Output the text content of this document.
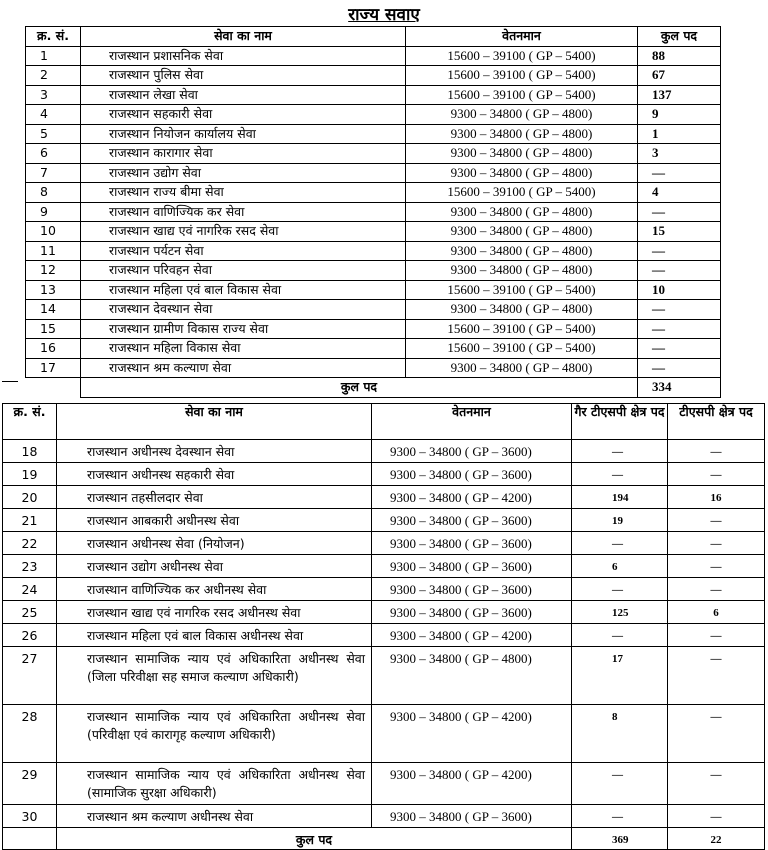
राज्य सवाए
क्र. सं.	सेवा का नाम	वेतनमान	कुल पद
1	राजस्थान प्रशासनिक सेवा	15600 – 39100 ( GP – 5400)	88
2	राजस्थान पुलिस सेवा	15600 – 39100 ( GP – 5400)	67
3	राजस्थान लेखा सेवा	15600 – 39100 ( GP – 5400)	137
4	राजस्थान सहकारी सेवा	9300 – 34800 ( GP – 4800)	9
5	राजस्थान नियोजन कार्यालय सेवा	9300 – 34800 ( GP – 4800)	1
6	राजस्थान कारागार सेवा	9300 – 34800 ( GP – 4800)	3
7	राजस्थान उद्योग सेवा	9300 – 34800 ( GP – 4800)	—
8	राजस्थान राज्य बीमा सेवा	15600 – 39100 ( GP – 5400)	4
9	राजस्थान वाणिज्यिक कर सेवा	9300 – 34800 ( GP – 4800)	—
10	राजस्थान खाद्य एवं नागरिक रसद सेवा	9300 – 34800 ( GP – 4800)	15
11	राजस्थान पर्यटन सेवा	9300 – 34800 ( GP – 4800)	—
12	राजस्थान परिवहन सेवा	9300 – 34800 ( GP – 4800)	—
13	राजस्थान महिला एवं बाल विकास सेवा	15600 – 39100 ( GP – 5400)	10
14	राजस्थान देवस्थान सेवा	9300 – 34800 ( GP – 4800)	—
15	राजस्थान ग्रामीण विकास राज्य सेवा	15600 – 39100 ( GP – 5400)	—
16	राजस्थान महिला विकास सेवा	15600 – 39100 ( GP – 5400)	—
17	राजस्थान श्रम कल्याण सेवा	9300 – 34800 ( GP – 4800)	—
	कुल पद		334
क्र. सं.	सेवा का नाम	वेतनमान	गैर टीएसपी क्षेत्र पद	टीएसपी क्षेत्र पद
18	राजस्थान अधीनस्थ देवस्थान सेवा	9300 – 34800 ( GP – 3600)	—	—
19	राजस्थान अधीनस्थ सहकारी सेवा	9300 – 34800 ( GP – 3600)	—	—
20	राजस्थान तहसीलदार सेवा	9300 – 34800 ( GP – 4200)	194	16
21	राजस्थान आबकारी अधीनस्थ सेवा	9300 – 34800 ( GP – 3600)	19	—
22	राजस्थान अधीनस्थ सेवा (नियोजन)	9300 – 34800 ( GP – 3600)	—	—
23	राजस्थान उद्योग अधीनस्थ सेवा	9300 – 34800 ( GP – 3600)	6	—
24	राजस्थान वाणिज्यिक कर अधीनस्थ सेवा	9300 – 34800 ( GP – 3600)	—	—
25	राजस्थान खाद्य एवं नागरिक रसद अधीनस्थ सेवा	9300 – 34800 ( GP – 3600)	125	6
26	राजस्थान महिला एवं बाल विकास अधीनस्थ सेवा	9300 – 34800 ( GP – 4200)	—	—
27	राजस्थान सामाजिक न्याय एवं अधिकारिता अधीनस्थ सेवा (जिला परिवीक्षा सह समाज कल्याण अधिकारी)	9300 – 34800 ( GP – 4800)	17	—
28	राजस्थान सामाजिक न्याय एवं अधिकारिता अधीनस्थ सेवा (परिवीक्षा एवं कारागृह कल्याण अधिकारी)	9300 – 34800 ( GP – 4200)	8	—
29	राजस्थान सामाजिक न्याय एवं अधिकारिता अधीनस्थ सेवा (सामाजिक सुरक्षा अधिकारी)	9300 – 34800 ( GP – 4200)	—	—
30	राजस्थान श्रम कल्याण अधीनस्थ सेवा	9300 – 34800 ( GP – 3600)	—	—
	कुल पद		369	22
